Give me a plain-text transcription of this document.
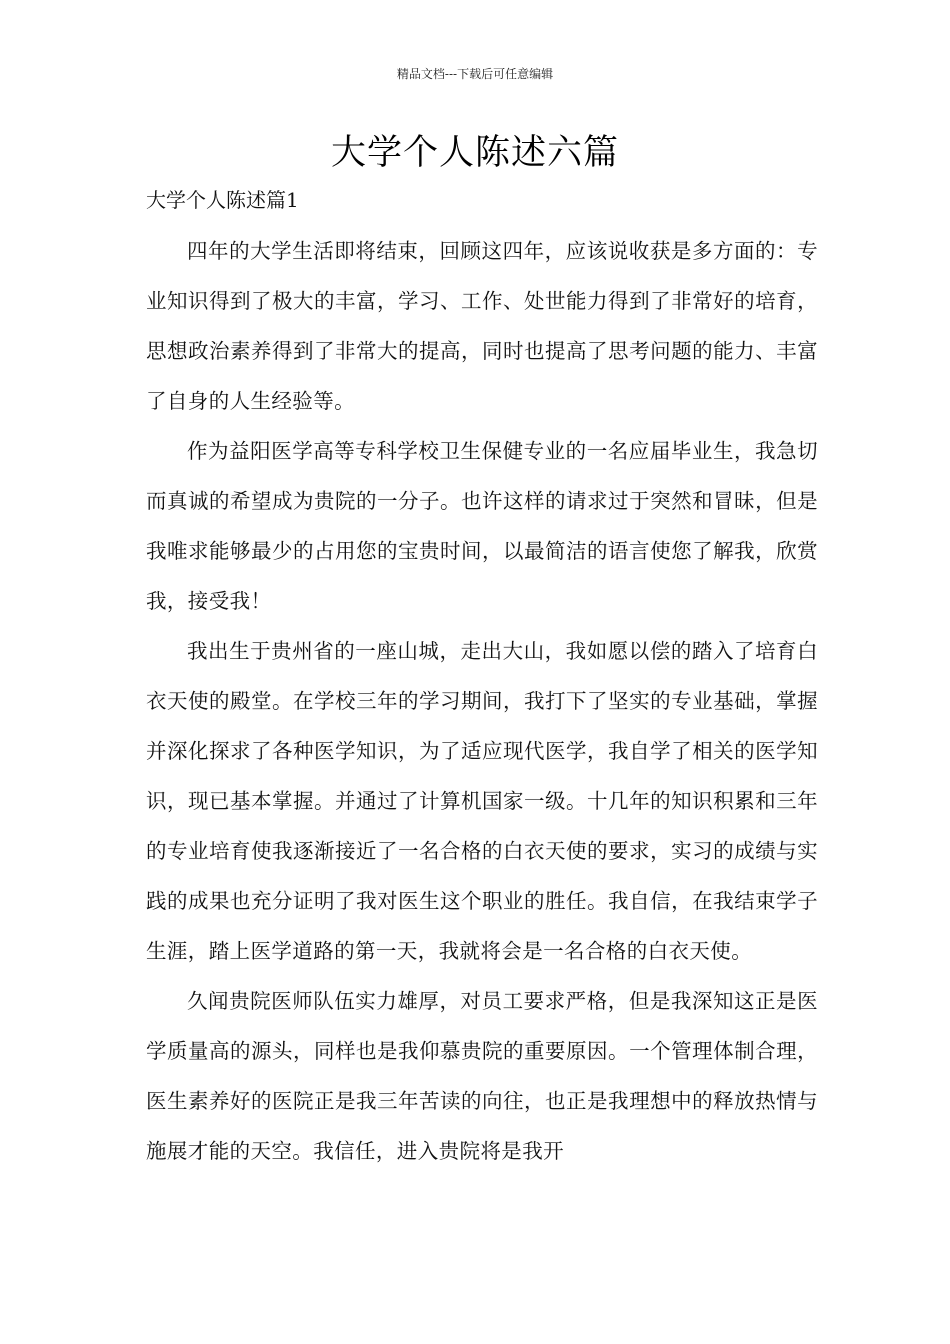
精品文档---下载后可任意编辑
大学个人陈述六篇
大学个人陈述篇1

四年的大学生活即将结束，回顾这四年，应该说收获是多方面的：专业知识得到了极大的丰富，学习、工作、处世能力得到了非常好的培育，思想政治素养得到了非常大的提高，同时也提高了思考问题的能力、丰富了自身的人生经验等。

作为益阳医学高等专科学校卫生保健专业的一名应届毕业生，我急切而真诚的希望成为贵院的一分子。也许这样的请求过于突然和冒昧，但是我唯求能够最少的占用您的宝贵时间，以最简洁的语言使您了解我，欣赏我，接受我！

我出生于贵州省的一座山城，走出大山，我如愿以偿的踏入了培育白衣天使的殿堂。在学校三年的学习期间，我打下了坚实的专业基础，掌握并深化探求了各种医学知识，为了适应现代医学，我自学了相关的医学知识，现已基本掌握。并通过了计算机国家一级。十几年的知识积累和三年的专业培育使我逐渐接近了一名合格的白衣天使的要求，实习的成绩与实践的成果也充分证明了我对医生这个职业的胜任。我自信，在我结束学子生涯，踏上医学道路的第一天，我就将会是一名合格的白衣天使。

久闻贵院医师队伍实力雄厚，对员工要求严格，但是我深知这正是医学质量高的源头，同样也是我仰慕贵院的重要原因。一个管理体制合理，医生素养好的医院正是我三年苦读的向往，也正是我理想中的释放热情与施展才能的天空。我信任，进入贵院将是我开
